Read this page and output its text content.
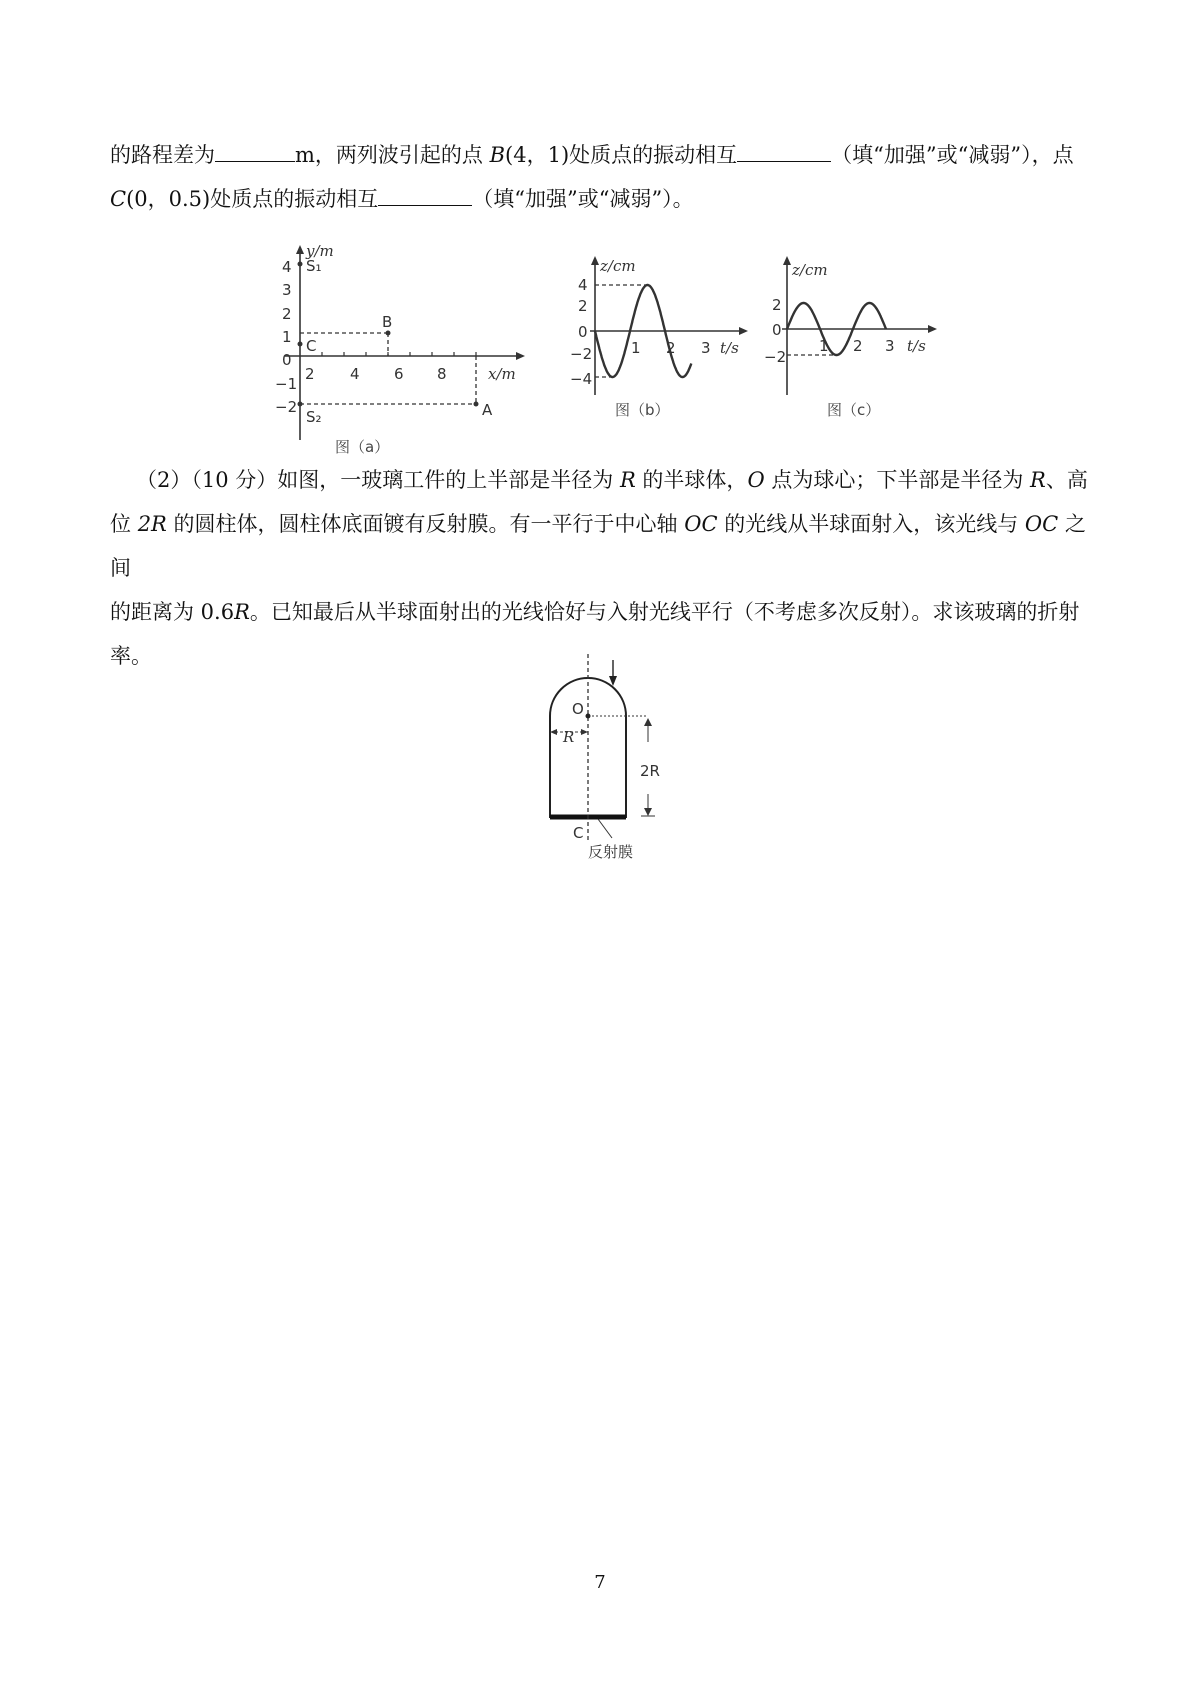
的路程差为	m，两列波引起的点 B(4，1)处质点的振动相互	（填“加强”或“减弱”），点
C(0，0.5)处质点的振动相互	（填“加强”或“减弱”）。
y/m
x/m
4
3
2
1
0
−1
−2
2 4 6 8
S₁
S₂
B
C
A
图（a）
z/cm
t/s
4
2
0
−2
−4
1 2 3
图（b）
z/cm
t/s
2
0
−2
1 2 3
图（c）
（2）（10 分）如图，一玻璃工件的上半部是半径为 R 的半球体，O 点为球心；下半部是半径为 R、高
位 2R 的圆柱体，圆柱体底面镀有反射膜。有一平行于中心轴 OC 的光线从半球面射入，该光线与 OC 之间
的距离为 0.6R。已知最后从半球面射出的光线恰好与入射光线平行（不考虑多次反射）。求该玻璃的折射
率。
O
R
2R
C
反射膜
7
